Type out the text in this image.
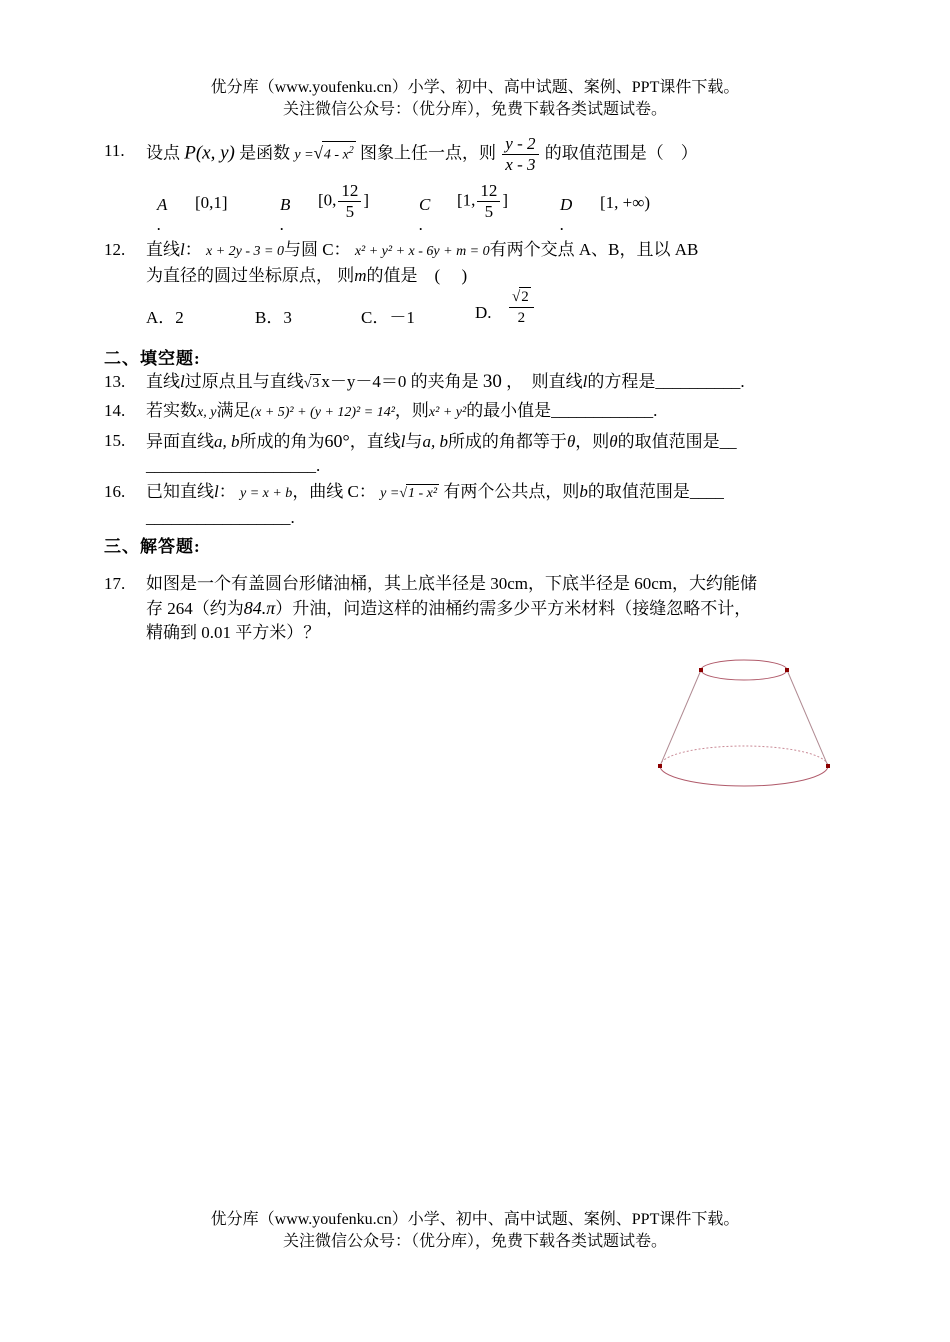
优分库（www.youfenku.cn）小学、初中、高中试题、案例、PPT课件下载。
关注微信公众号：（优分库），免费下载各类试题试卷。
11. 设点 P(x, y) 是函数 $y =√4 - x^2$ 图象上任一点，则 $\frac{y - 2}{x - 3}$ 的取值范围是（　）
A .
[0,1]	B .
[0, $\frac{12}{5}$ ]	C .
[1, $\frac{12}{5}$ ]	D .
[1, +∞)
12. 直线l： x + 2y - 3 = 0与圆 C： x² + y² + x - 6y + m = 0有两个交点 A、B，且以 AB
为直径的圆过坐标原点， 则m的值是　(　 )
A．2	B．3	C．－1	D. $\frac{√2}{2}$
二、填空题:
13. 直线l过原点且与直线√3 x－y－4＝0 的夹角是 30 ，　则直线l的方程是__________.
14. 若实数x, y满足(x + 5)² + (y + 12)² = 14²，则x² + y²的最小值是____________.
15. 异面直线a, b所成的角为60°，直线l与a, b所成的角都等于θ，则θ的取值范围是__
____________________.
16. 已知直线l： y = x + b，曲线 C： y =√1 - x² 有两个公共点，则b的取值范围是____
_________________.
三、解答题:
17. 如图是一个有盖圆台形储油桶，其上底半径是 30cm，下底半径是 60cm，大约能储
存 264（约为84.π）升油，问造这样的油桶约需多少平方米材料（接缝忽略不计，
精确到 0.01 平方米）？
优分库（www.youfenku.cn）小学、初中、高中试题、案例、PPT课件下载。
关注微信公众号：（优分库），免费下载各类试题试卷。
